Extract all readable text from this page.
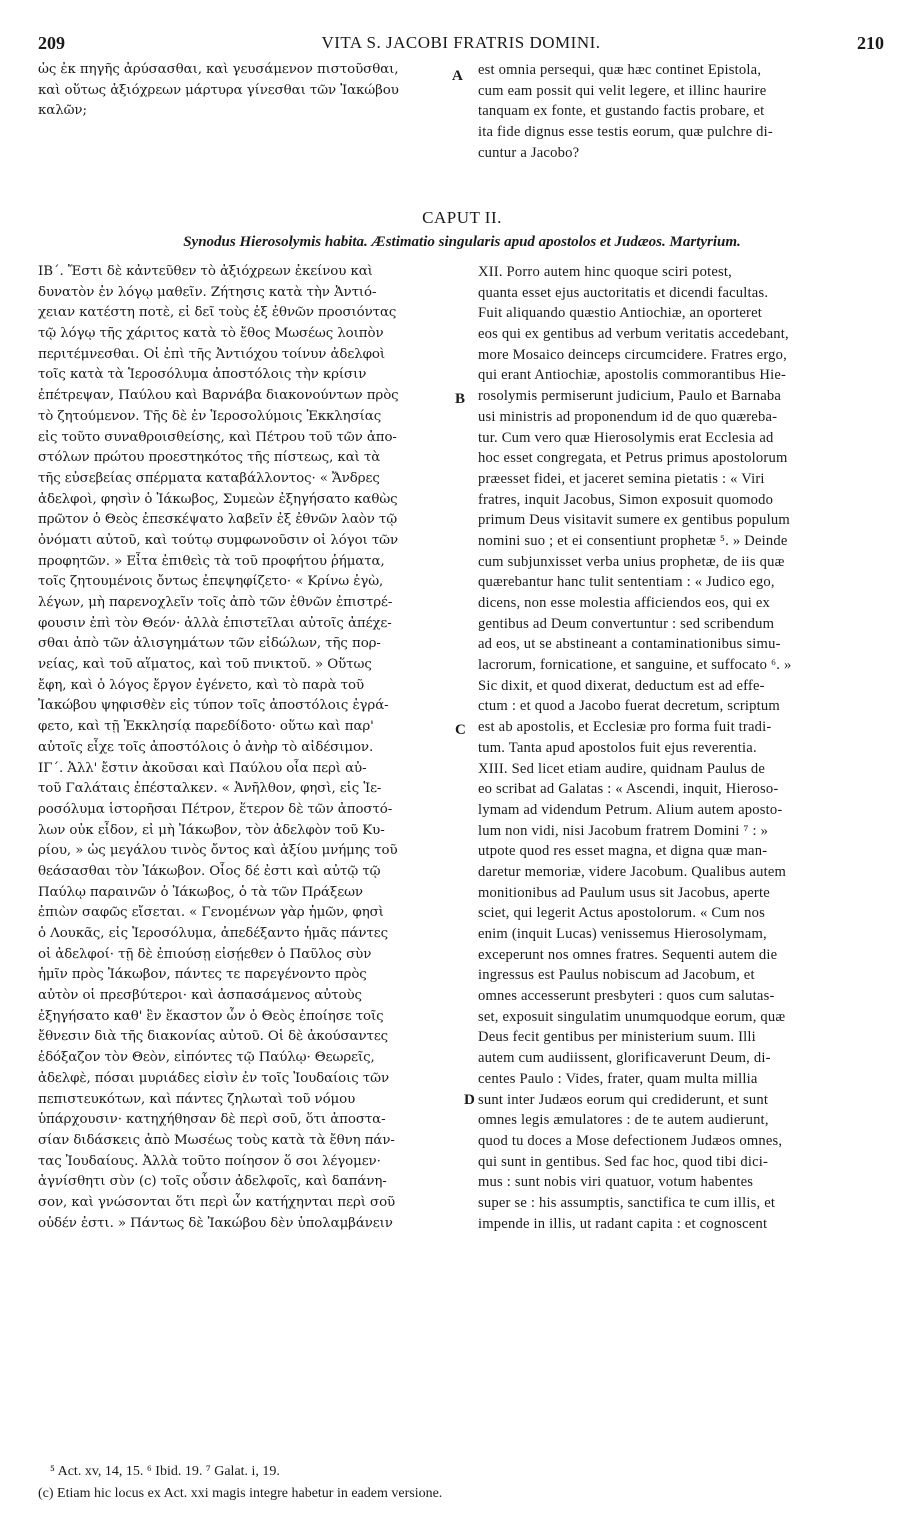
209	VITA S. JACOBI FRATRIS DOMINI.	210
ὡς ἐκ πηγῆς ἀρύσασθαι, καὶ γευσάμενον πιστοῦσθαι,
καὶ οὕτως ἀξιόχρεων μάρτυρα γίνεσθαι τῶν Ἰακώβου
καλῶν;
A est omnia persequi, quæ hæc continet Epistola,
cum eam possit qui velit legere, et illinc haurire
tanquam ex fonte, et gustando factis probare, et
ita fide dignus esse testis eorum, quæ pulchre di-
cuntur a Jacobo?
CAPUT II.
Synodus Hierosolymis habita. Æstimatio singularis apud apostolos et Judæos. Martyrium.
ΙΒ΄. Ἔστι δὲ κἀντεῦθεν τὸ ἀξιόχρεων ἐκείνου καὶ
δυνατὸν ἐν λόγῳ μαθεῖν. Ζήτησις κατὰ τὴν Ἀντιό-
χειαν κατέστη ποτὲ, εἰ δεῖ τοὺς ἐξ ἐθνῶν προσιόντας
τῷ λόγῳ τῆς χάριτος κατὰ τὸ ἔθος Μωσέως λοιπὸν
περιτέμνεσθαι. Οἱ ἐπὶ τῆς Ἀντιόχου τοίνυν ἀδελφοὶ
τοῖς κατὰ τὰ Ἱεροσόλυμα ἀποστόλοις τὴν κρίσιν
ἐπέτρεψαν, Παύλου καὶ Βαρνάβα διακονούντων πρὸς
τὸ ζητούμενον. Τῆς δὲ ἐν Ἱεροσολύμοις Ἐκκλησίας
εἰς τοῦτο συναθροισθείσης, καὶ Πέτρου τοῦ τῶν ἀπο-
στόλων πρώτου προεστηκότος τῆς πίστεως, καὶ τὰ
τῆς εὐσεβείας σπέρματα καταβάλλοντος· « Ἄνδρες
ἀδελφοὶ, φησὶν ὁ Ἰάκωβος, Συμεὼν ἐξηγήσατο καθὼς
πρῶτον ὁ Θεὸς ἐπεσκέψατο λαβεῖν ἐξ ἐθνῶν λαὸν τῷ
ὀνόματι αὐτοῦ, καὶ τούτῳ συμφωνοῦσιν οἱ λόγοι τῶν
προφητῶν. » Εἶτα ἐπιθεὶς τὰ τοῦ προφήτου ῥήματα,
τοῖς ζητουμένοις ὄντως ἐπεψηφίζετο· « Κρίνω ἐγὼ,
λέγων, μὴ παρενοχλεῖν τοῖς ἀπὸ τῶν ἐθνῶν ἐπιστρέ-
φουσιν ἐπὶ τὸν Θεόν· ἀλλὰ ἐπιστεῖλαι αὐτοῖς ἀπέχε-
σθαι ἀπὸ τῶν ἀλισγημάτων τῶν εἰδώλων, τῆς πορ-
νείας, καὶ τοῦ αἵματος, καὶ τοῦ πνικτοῦ. » Οὕτως
ἔφη, καὶ ὁ λόγος ἔργον ἐγένετο, καὶ τὸ παρὰ τοῦ
Ἰακώβου ψηφισθὲν εἰς τύπον τοῖς ἀποστόλοις ἐγρά-
φετο, καὶ τῇ Ἐκκλησίᾳ παρεδίδοτο· οὕτω καὶ παρ'
αὐτοῖς εἶχε τοῖς ἀποστόλοις ὁ ἀνὴρ τὸ αἰδέσιμον.
ΙΓ΄. Ἀλλ' ἔστιν ἀκοῦσαι καὶ Παύλου οἷα περὶ αὐ-
τοῦ Γαλάταις ἐπέσταλκεν. « Ἀνῆλθον, φησὶ, εἰς Ἱε-
ροσόλυμα ἱστορῆσαι Πέτρον, ἕτερον δὲ τῶν ἀποστό-
λων οὐκ εἶδον, εἰ μὴ Ἰάκωβον, τὸν ἀδελφὸν τοῦ Κυ-
ρίου, » ὡς μεγάλου τινὸς ὄντος καὶ ἀξίου μνήμης τοῦ
θεάσασθαι τὸν Ἰάκωβον. Οἷος δέ ἐστι καὶ αὐτῷ τῷ
Παύλῳ παραινῶν ὁ Ἰάκωβος, ὁ τὰ τῶν Πράξεων
ἐπιὼν σαφῶς εἴσεται. « Γενομένων γὰρ ἡμῶν, φησὶ
ὁ Λουκᾶς, εἰς Ἱεροσόλυμα, ἀπεδέξαντο ἡμᾶς πάντες
οἱ ἀδελφοί· τῇ δὲ ἐπιούσῃ εἰσῄεθεν ὁ Παῦλος σὺν
ἡμῖν πρὸς Ἰάκωβον, πάντες τε παρεγένοντο πρὸς
αὐτὸν οἱ πρεσβύτεροι· καὶ ἀσπασάμενος αὐτοὺς
ἐξηγήσατο καθ' ἓν ἕκαστον ὧν ὁ Θεὸς ἐποίησε τοῖς
ἔθνεσιν διὰ τῆς διακονίας αὐτοῦ. Οἱ δὲ ἀκούσαντες
ἐδόξαζον τὸν Θεὸν, εἰπόντες τῷ Παύλῳ· Θεωρεῖς,
ἀδελφὲ, πόσαι μυριάδες εἰσὶν ἐν τοῖς Ἰουδαίοις τῶν
πεπιστευκότων, καὶ πάντες ζηλωταὶ τοῦ νόμου
ὑπάρχουσιν· κατηχήθησαν δὲ περὶ σοῦ, ὅτι ἀποστα-
σίαν διδάσκεις ἀπὸ Μωσέως τοὺς κατὰ τὰ ἔθνη πάν-
τας Ἰουδαίους. Ἀλλὰ τοῦτο ποίησον ὅ σοι λέγομεν·
ἁγνίσθητι σὺν (c) τοῖς οὖσιν ἀδελφοῖς, καὶ δαπάνη-
σον, καὶ γνώσονται ὅτι περὶ ὧν κατήχηνται περὶ σοῦ
οὐδέν ἐστι. » Πάντως δὲ Ἰακώβου δὲν ὑπολαμβάνειν
XII. Porro autem hinc quoque sciri potest,
quanta esset ejus auctoritatis et dicendi facultas.
Fuit aliquando quæstio Antiochiæ, an oporteret
eos qui ex gentibus ad verbum veritatis accedebant,
more Mosaico deinceps circumcidere. Fratres ergo,
qui erant Antiochiæ, apostolis commorantibus Hie-
rosolymis permiserunt judicium, Paulo et Barnaba
usi ministris ad proponendum id de quo quærеba-
tur. Cum vero quæ Hierosolymis erat Ecclesia ad
hoc esset congregata, et Petrus primus apostolorum
præesset fidei, et jaceret semina pietatis : « Viri
fratres, inquit Jacobus, Simon exposuit quomodo
primum Deus visitavit sumere ex gentibus populum
nomini suo ; et ei consentiunt prophetæ ⁵. » Deinde
cum subjunxisset verba unius prophetæ, de iis quæ
quærebantur hanc tulit sententiam : « Judico ego,
dicens, non esse molestia afficiendos eos, qui ex
gentibus ad Deum convertuntur : sed scribendum
ad eos, ut se abstineant a contaminationibus simu-
lacrorum, fornicatione, et sanguine, et suffocato ⁶. »
Sic dixit, et quod dixerat, deductum est ad effe-
ctum : et quod a Jacobo fuerat decretum, scriptum
est ab apostolis, et Ecclesiæ pro forma fuit tradi-
tum. Tanta apud apostolos fuit ejus reverentia.
XIII. Sed licet etiam audire, quidnam Paulus de
eo scribat ad Galatas : « Ascendi, inquit, Hieroso-
lymam ad videndum Petrum. Alium autem aposto-
lum non vidi, nisi Jacobum fratrem Domini ⁷ : »
utpote quod res esset magna, et digna quæ man-
daretur memoriæ, videre Jacobum. Qualibus autem
monitionibus ad Paulum usus sit Jacobus, aperte
sciet, qui legerit Actus apostolorum. « Cum nos
enim (inquit Lucas) venissemus Hierosolymam,
exceperunt nos omnes fratres. Sequenti autem die
ingressus est Paulus nobiscum ad Jacobum, et
omnes accesserunt presbyteri : quos cum salutas-
set, exposuit singulatim unumquodque eorum, quæ
Deus fecit gentibus per ministerium suum. Illi
autem cum audiissent, glorificaverunt Deum, di-
centes Paulo : Vides, frater, quam multa millia
sunt inter Judæos eorum qui crediderunt, et sunt
omnes legis æmulatores : de te autem audierunt,
quod tu doces a Mose defectionem Judæos omnes,
qui sunt in gentibus. Sed fac hoc, quod tibi dici-
mus : sunt nobis viri quatuor, votum habentes
super se : his assumptis, sanctifica te cum illis, et
impende in illis, ut radant capita : et cognoscent
B
C
D
⁵ Act. xv, 14, 15. ⁶ Ibid. 19. ⁷ Galat. i, 19.
(c) Etiam hic locus ex Act. xxi magis integre habetur in eadem versione.
